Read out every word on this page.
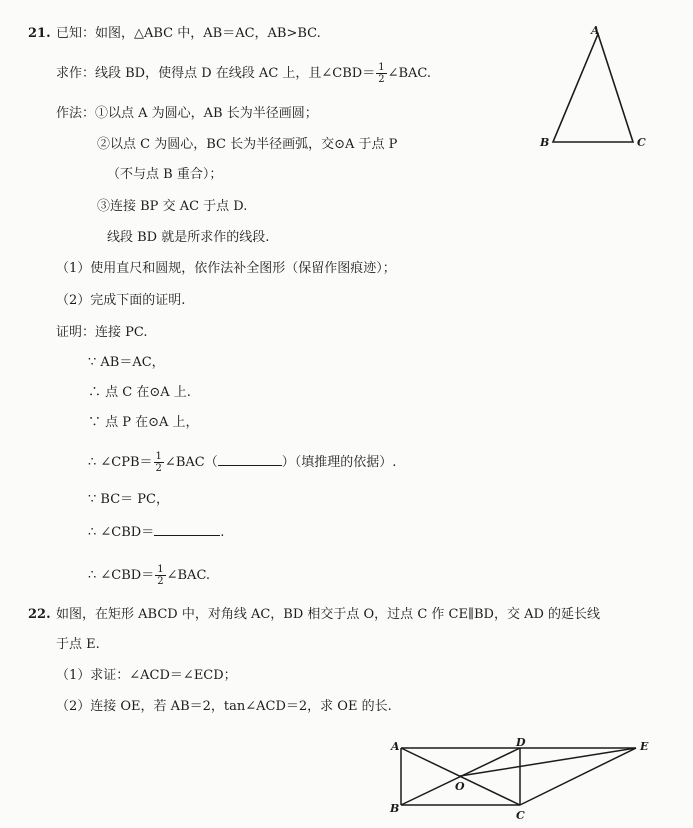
21. 已知：如图，△ABC 中，AB＝AC，AB>BC.
求作：线段 BD，使得点 D 在线段 AC 上，且∠CBD＝ $\frac{1}{2}$ ∠BAC.
作法：①以点 A 为圆心，AB 长为半径画圆；
②以点 C 为圆心，BC 长为半径画弧，交⊙A 于点 P
（不与点 B 重合）；
③连接 BP 交 AC 于点 D.
线段 BD 就是所求作的线段.
（1）使用直尺和圆规，依作法补全图形（保留作图痕迹）；
（2）完成下面的证明.
证明：连接 PC.
∵ AB＝AC，
∴ 点 C 在⊙A 上.
∵ 点 P 在⊙A 上，
∴ ∠CPB＝ $\frac{1}{2}$ ∠BAC（	）（填推理的依据）.
∵ BC＝ PC，
∴ ∠CBD＝	.
∴ ∠CBD＝ $\frac{1}{2}$ ∠BAC.
A
B	C
22. 如图，在矩形 ABCD 中，对角线 AC，BD 相交于点 O，过点 C 作 CE∥BD，交 AD 的延长线
于点 E.
（1）求证：∠ACD＝∠ECD；
（2）连接 OE，若 AB＝2，tan∠ACD＝2，求 OE 的长.
A	D	E
O
B
C
